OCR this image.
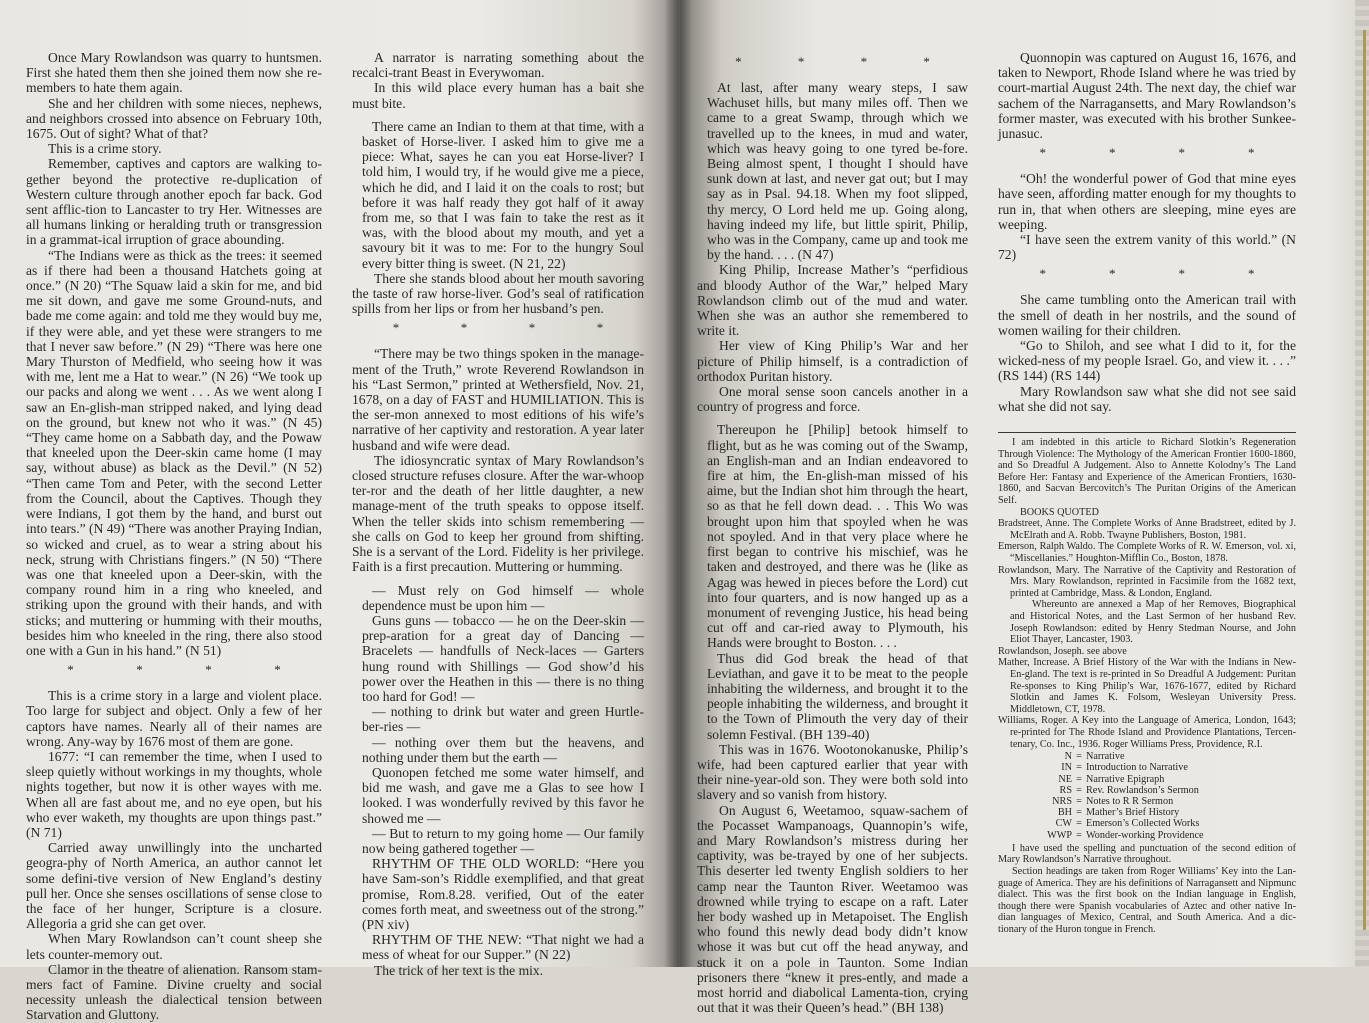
Once Mary Rowlandson was quarry to huntsmen. First she hated them then she joined them now she re-members to hate them again.

She and her children with some nieces, nephews, and neighbors crossed into absence on February 10th, 1675. Out of sight? What of that?

This is a crime story.

Remember, captives and captors are walking to-gether beyond the protective re-duplication of Western culture through another epoch far back. God sent afflic-tion to Lancaster to try Her. Witnesses are all humans linking or heralding truth or transgression in a grammat-ical irruption of grace abounding.

“The Indians were as thick as the trees: it seemed as if there had been a thousand Hatchets going at once.” (N 20) “The Squaw laid a skin for me, and bid me sit down, and gave me some Ground-nuts, and bade me come again: and told me they would buy me, if they were able, and yet these were strangers to me that I never saw before.” (N 29) “There was here one Mary Thurston of Medfield, who seeing how it was with me, lent me a Hat to wear.” (N 26) “We took up our packs and along we went . . . As we went along I saw an En-glish-man stripped naked, and lying dead on the ground, but knew not who it was.” (N 45) “They came home on a Sabbath day, and the Powaw that kneeled upon the Deer-skin came home (I may say, without abuse) as black as the Devil.” (N 52) “Then came Tom and Peter, with the second Letter from the Council, about the Captives. Though they were Indians, I got them by the hand, and burst out into tears.” (N 49) “There was another Praying Indian, so wicked and cruel, as to wear a string about his neck, strung with Christians fingers.” (N 50) “There was one that kneeled upon a Deer-skin, with the company round him in a ring who kneeled, and striking upon the ground with their hands, and with sticks; and muttering or humming with their mouths, besides him who kneeled in the ring, there also stood one with a Gun in his hand.” (N 51)

*	*	*	*

This is a crime story in a large and violent place. Too large for subject and object. Only a few of her captors have names. Nearly all of their names are wrong. Any-way by 1676 most of them are gone.

1677: “I can remember the time, when I used to sleep quietly without workings in my thoughts, whole nights together, but now it is other wayes with me. When all are fast about me, and no eye open, but his who ever waketh, my thoughts are upon things past.” (N 71)

Carried away unwillingly into the uncharted geogra-phy of North America, an author cannot let some defini-tive version of New England’s destiny pull her. Once she senses oscillations of sense close to the face of her hunger, Scripture is a closure. Allegoria a grid she can get over.

When Mary Rowlandson can’t count sheep she lets counter-memory out.

Clamor in the theatre of alienation. Ransom stam-mers fact of Famine. Divine cruelty and social necessity unleash the dialectical tension between Starvation and Gluttony.

A narrator is narrating something about the recalci-trant Beast in Everywoman.

In this wild place every human has a bait she must bite.

There came an Indian to them at that time, with a basket of Horse-liver. I asked him to give me a piece: What, sayes he can you eat Horse-liver? I told him, I would try, if he would give me a piece, which he did, and I laid it on the coals to rost; but before it was half ready they got half of it away from me, so that I was fain to take the rest as it was, with the blood about my mouth, and yet a savoury bit it was to me: For to the hungry Soul every bitter thing is sweet. (N 21, 22)

There she stands blood about her mouth savoring the taste of raw horse-liver. God’s seal of ratification spills from her lips or from her husband’s pen.

*	*	*	*

“There may be two things spoken in the manage-ment of the Truth,” wrote Reverend Rowlandson in his “Last Sermon,” printed at Wethersfield, Nov. 21, 1678, on a day of FAST and HUMILIATION. This is the ser-mon annexed to most editions of his wife’s narrative of her captivity and restoration. A year later husband and wife were dead.

The idiosyncratic syntax of Mary Rowlandson’s closed structure refuses closure. After the war-whoop ter-ror and the death of her little daughter, a new manage-ment of the truth speaks to oppose itself. When the teller skids into schism remembering — she calls on God to keep her ground from shifting. She is a servant of the Lord. Fidelity is her privilege. Faith is a first precaution. Muttering or humming.

— Must rely on God himself — whole dependence must be upon him —

Guns guns — tobacco — he on the Deer-skin — prep-aration for a great day of Dancing — Bracelets — handfulls of Neck-laces — Garters hung round with Shillings — God show’d his power over the Heathen in this — there is no thing too hard for God! —

— nothing to drink but water and green Hurtle-ber-ries —

— nothing over them but the heavens, and nothing under them but the earth —

Quonopen fetched me some water himself, and bid me wash, and gave me a Glas to see how I looked. I was wonderfully revived by this favor he showed me —

— But to return to my going home — Our family now being gathered together —

RHYTHM OF THE OLD WORLD: “Here you have Sam-son’s Riddle exemplified, and that great promise, Rom.8.28. verified, Out of the eater comes forth meat, and sweetness out of the strong.” (PN xiv)

RHYTHM OF THE NEW: “That night we had a mess of wheat for our Supper.” (N 22)

The trick of her text is the mix.

*	*	*	*

At last, after many weary steps, I saw Wachuset hills, but many miles off. Then we came to a great Swamp, through which we travelled up to the knees, in mud and water, which was heavy going to one tyred be-fore. Being almost spent, I thought I should have sunk down at last, and never gat out; but I may say as in Psal. 94.18. When my foot slipped, thy mercy, O Lord held me up. Going along, having indeed my life, but little spirit, Philip, who was in the Company, came up and took me by the hand. . . . (N 47)

King Philip, Increase Mather’s “perfidious and bloody Author of the War,” helped Mary Rowlandson climb out of the mud and water. When she was an author she remembered to write it.

Her view of King Philip’s War and her picture of Philip himself, is a contradiction of orthodox Puritan history.

One moral sense soon cancels another in a country of progress and force.

Thereupon he [Philip] betook himself to flight, but as he was coming out of the Swamp, an English-man and an Indian endeavored to fire at him, the En-glish-man missed of his aime, but the Indian shot him through the heart, so as that he fell down dead. . . This Wo was brought upon him that spoyled when he was not spoyled. And in that very place where he first began to contrive his mischief, was he taken and destroyed, and there was he (like as Agag was hewed in pieces before the Lord) cut into four quarters, and is now hanged up as a monument of revenging Justice, his head being cut off and car-ried away to Plymouth, his Hands were brought to Boston. . . .

Thus did God break the head of that Leviathan, and gave it to be meat to the people inhabiting the wilderness, and brought it to the people inhabiting the wilderness, and brought it to the Town of Plimouth the very day of their solemn Festival. (BH 139-40)

This was in 1676. Wootonokanuske, Philip’s wife, had been captured earlier that year with their nine-year-old son. They were both sold into slavery and so vanish from history.

On August 6, Weetamoo, squaw-sachem of the Pocasset Wampanoags, Quannopin’s wife, and Mary Rowlandson’s mistress during her captivity, was be-trayed by one of her subjects. This deserter led twenty English soldiers to her camp near the Taunton River. Weetamoo was drowned while trying to escape on a raft. Later her body washed up in Metapoiset. The English who found this newly dead body didn’t know whose it was but cut off the head anyway, and stuck it on a pole in Taunton. Some Indian prisoners there “knew it pres-ently, and made a most horrid and diabolical Lamenta-tion, crying out that it was their Queen’s head.” (BH 138)

Quonnopin was captured on August 16, 1676, and taken to Newport, Rhode Island where he was tried by court-martial August 24th. The next day, the chief war sachem of the Narragansetts, and Mary Rowlandson’s former master, was executed with his brother Sunkee-junasuc.

*	*	*	*

“Oh! the wonderful power of God that mine eyes have seen, affording matter enough for my thoughts to run in, that when others are sleeping, mine eyes are weeping.

“I have seen the extrem vanity of this world.” (N 72)

*	*	*	*

She came tumbling onto the American trail with the smell of death in her nostrils, and the sound of women wailing for their children.

“Go to Shiloh, and see what I did to it, for the wicked-ness of my people Israel. Go, and view it. . . .” (RS 144) (RS 144)

Mary Rowlandson saw what she did not see said what she did not say.

I am indebted in this article to Richard Slotkin’s Regeneration Through Violence: The Mythology of the American Frontier 1600-1860, and So Dreadful A Judgement. Also to Annette Kolodny’s The Land Before Her: Fantasy and Experience of the American Frontiers, 1630-1860, and Sacvan Bercovitch’s The Puritan Origins of the American Self.

BOOKS QUOTED

Bradstreet, Anne. The Complete Works of Anne Bradstreet, edited by J. McElrath and A. Robb. Twayne Publishers, Boston, 1981.

Emerson, Ralph Waldo. The Complete Works of R. W. Emerson, vol. xi, “Miscellanies.” Houghton-Mifflin Co., Boston, 1878.

Rowlandson, Mary. The Narrative of the Captivity and Restoration of Mrs. Mary Rowlandson, reprinted in Facsimile from the 1682 text, printed at Cambridge, Mass. & London, England.

Whereunto are annexed a Map of her Removes, Biographical and Historical Notes, and the Last Sermon of her husband Rev. Joseph Rowlandson: edited by Henry Stedman Nourse, and John Eliot Thayer, Lancaster, 1903.

Rowlandson, Joseph. see above

Mather, Increase. A Brief History of the War with the Indians in New-En-gland. The text is re-printed in So Dreadful A Judgement: Puritan Re-sponses to King Philip’s War, 1676-1677, edited by Richard Slotkin and James K. Folsom, Wesleyan University Press. Middletown, CT, 1978.

Williams, Roger. A Key into the Language of America, London, 1643; re-printed for The Rhode Island and Providence Plantations, Tercen-tenary, Co. Inc., 1936. Roger Williams Press, Providence, R.I.

N	=	Narrative
IN	=	Introduction to Narrative
NE	=	Narrative Epigraph
RS	=	Rev. Rowlandson’s Sermon
NRS	=	Notes to R R Sermon
BH	=	Mather’s Brief History
CW	=	Emerson’s Collected Works
WWP	=	Wonder-working Providence

I have used the spelling and punctuation of the second edition of Mary Rowlandson’s Narrative throughout.

Section headings are taken from Roger Williams’ Key into the Lan-guage of America. They are his definitions of Narragansett and Nipmunc dialect. This was the first book on the Indian language in English, though there were Spanish vocabularies of Aztec and other native In-dian languages of Mexico, Central, and South America. And a dic-tionary of the Huron tongue in French.
